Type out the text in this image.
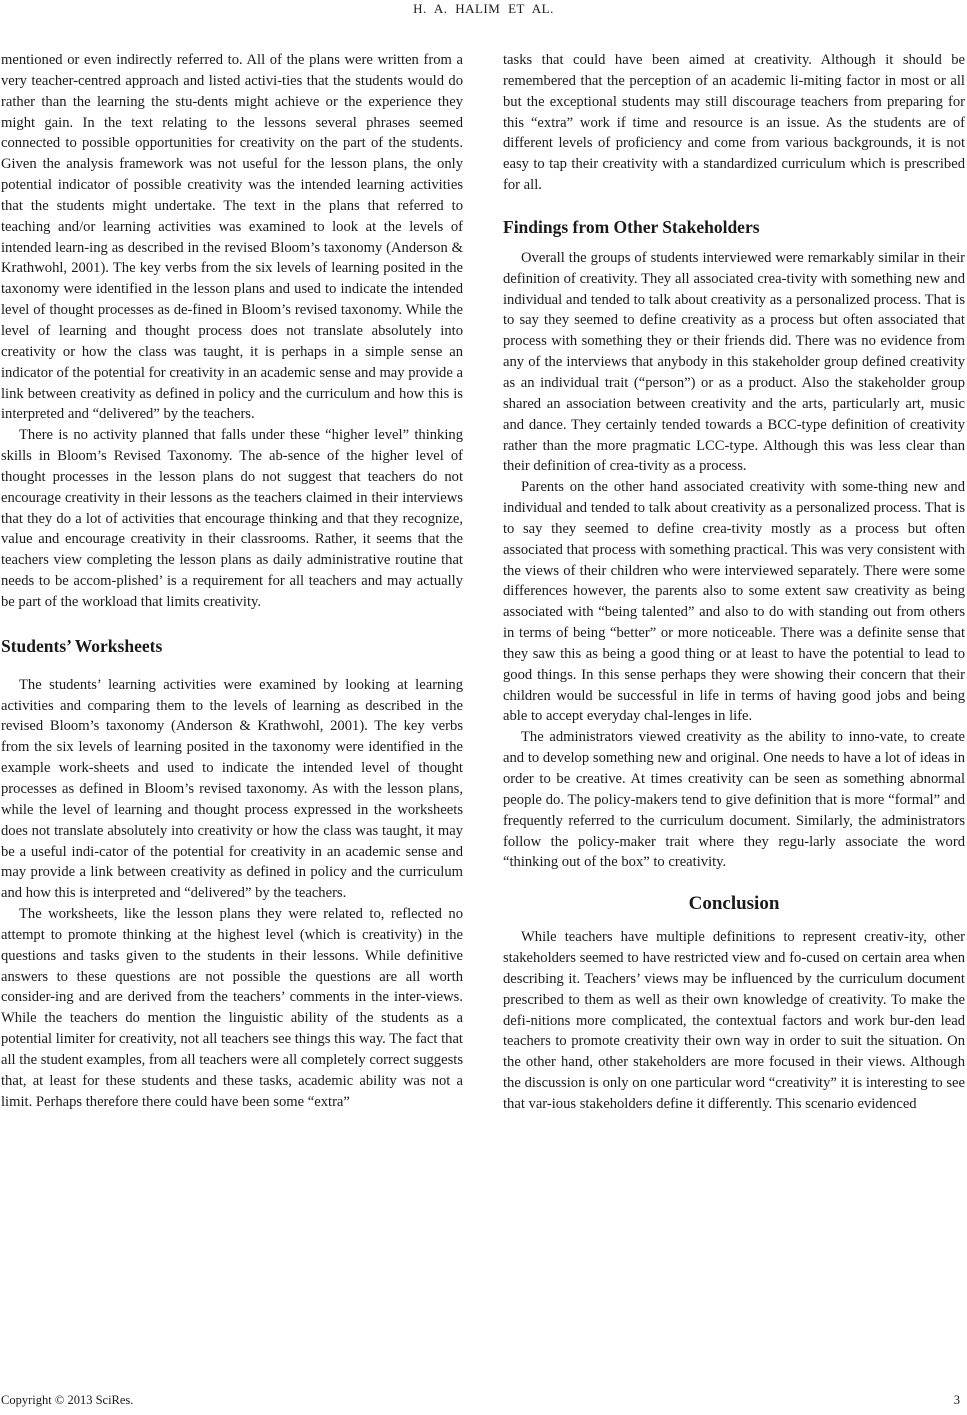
H. A. HALIM ET AL.

mentioned or even indirectly referred to. All of the plans were written from a very teacher-centred approach and listed activi-ties that the students would do rather than the learning the stu-dents might achieve or the experience they might gain. In the text relating to the lessons several phrases seemed connected to possible opportunities for creativity on the part of the students. Given the analysis framework was not useful for the lesson plans, the only potential indicator of possible creativity was the intended learning activities that the students might undertake. The text in the plans that referred to teaching and/or learning activities was examined to look at the levels of intended learn-ing as described in the revised Bloom’s taxonomy (Anderson & Krathwohl, 2001). The key verbs from the six levels of learning posited in the taxonomy were identified in the lesson plans and used to indicate the intended level of thought processes as de-fined in Bloom’s revised taxonomy. While the level of learning and thought process does not translate absolutely into creativity or how the class was taught, it is perhaps in a simple sense an indicator of the potential for creativity in an academic sense and may provide a link between creativity as defined in policy and the curriculum and how this is interpreted and “delivered” by the teachers.

There is no activity planned that falls under these “higher level” thinking skills in Bloom’s Revised Taxonomy. The ab-sence of the higher level of thought processes in the lesson plans do not suggest that teachers do not encourage creativity in their lessons as the teachers claimed in their interviews that they do a lot of activities that encourage thinking and that they recognize, value and encourage creativity in their classrooms. Rather, it seems that the teachers view completing the lesson plans as daily administrative routine that needs to be accom-plished’ is a requirement for all teachers and may actually be part of the workload that limits creativity.

Students’ Worksheets

The students’ learning activities were examined by looking at learning activities and comparing them to the levels of learning as described in the revised Bloom’s taxonomy (Anderson & Krathwohl, 2001). The key verbs from the six levels of learning posited in the taxonomy were identified in the example work-sheets and used to indicate the intended level of thought processes as defined in Bloom’s revised taxonomy. As with the lesson plans, while the level of learning and thought process expressed in the worksheets does not translate absolutely into creativity or how the class was taught, it may be a useful indi-cator of the potential for creativity in an academic sense and may provide a link between creativity as defined in policy and the curriculum and how this is interpreted and “delivered” by the teachers.

The worksheets, like the lesson plans they were related to, reflected no attempt to promote thinking at the highest level (which is creativity) in the questions and tasks given to the students in their lessons. While definitive answers to these questions are not possible the questions are all worth consider-ing and are derived from the teachers’ comments in the inter-views. While the teachers do mention the linguistic ability of the students as a potential limiter for creativity, not all teachers see things this way. The fact that all the student examples, from all teachers were all completely correct suggests that, at least for these students and these tasks, academic ability was not a limit. Perhaps therefore there could have been some “extra”

tasks that could have been aimed at creativity. Although it should be remembered that the perception of an academic li-miting factor in most or all but the exceptional students may still discourage teachers from preparing for this “extra” work if time and resource is an issue. As the students are of different levels of proficiency and come from various backgrounds, it is not easy to tap their creativity with a standardized curriculum which is prescribed for all.

Findings from Other Stakeholders

Overall the groups of students interviewed were remarkably similar in their definition of creativity. They all associated crea-tivity with something new and individual and tended to talk about creativity as a personalized process. That is to say they seemed to define creativity as a process but often associated that process with something they or their friends did. There was no evidence from any of the interviews that anybody in this stakeholder group defined creativity as an individual trait (“person”) or as a product. Also the stakeholder group shared an association between creativity and the arts, particularly art, music and dance. They certainly tended towards a BCC-type definition of creativity rather than the more pragmatic LCC-type. Although this was less clear than their definition of crea-tivity as a process.

Parents on the other hand associated creativity with some-thing new and individual and tended to talk about creativity as a personalized process. That is to say they seemed to define crea-tivity mostly as a process but often associated that process with something practical. This was very consistent with the views of their children who were interviewed separately. There were some differences however, the parents also to some extent saw creativity as being associated with “being talented” and also to do with standing out from others in terms of being “better” or more noticeable. There was a definite sense that they saw this as being a good thing or at least to have the potential to lead to good things. In this sense perhaps they were showing their concern that their children would be successful in life in terms of having good jobs and being able to accept everyday chal-lenges in life.

The administrators viewed creativity as the ability to inno-vate, to create and to develop something new and original. One needs to have a lot of ideas in order to be creative. At times creativity can be seen as something abnormal people do. The policy-makers tend to give definition that is more “formal” and frequently referred to the curriculum document. Similarly, the administrators follow the policy-maker trait where they regu-larly associate the word “thinking out of the box” to creativity.

Conclusion

While teachers have multiple definitions to represent creativ-ity, other stakeholders seemed to have restricted view and fo-cused on certain area when describing it. Teachers’ views may be influenced by the curriculum document prescribed to them as well as their own knowledge of creativity. To make the defi-nitions more complicated, the contextual factors and work bur-den lead teachers to promote creativity their own way in order to suit the situation. On the other hand, other stakeholders are more focused in their views. Although the discussion is only on one particular word “creativity” it is interesting to see that var-ious stakeholders define it differently. This scenario evidenced

Copyright © 2013 SciRes.	3
